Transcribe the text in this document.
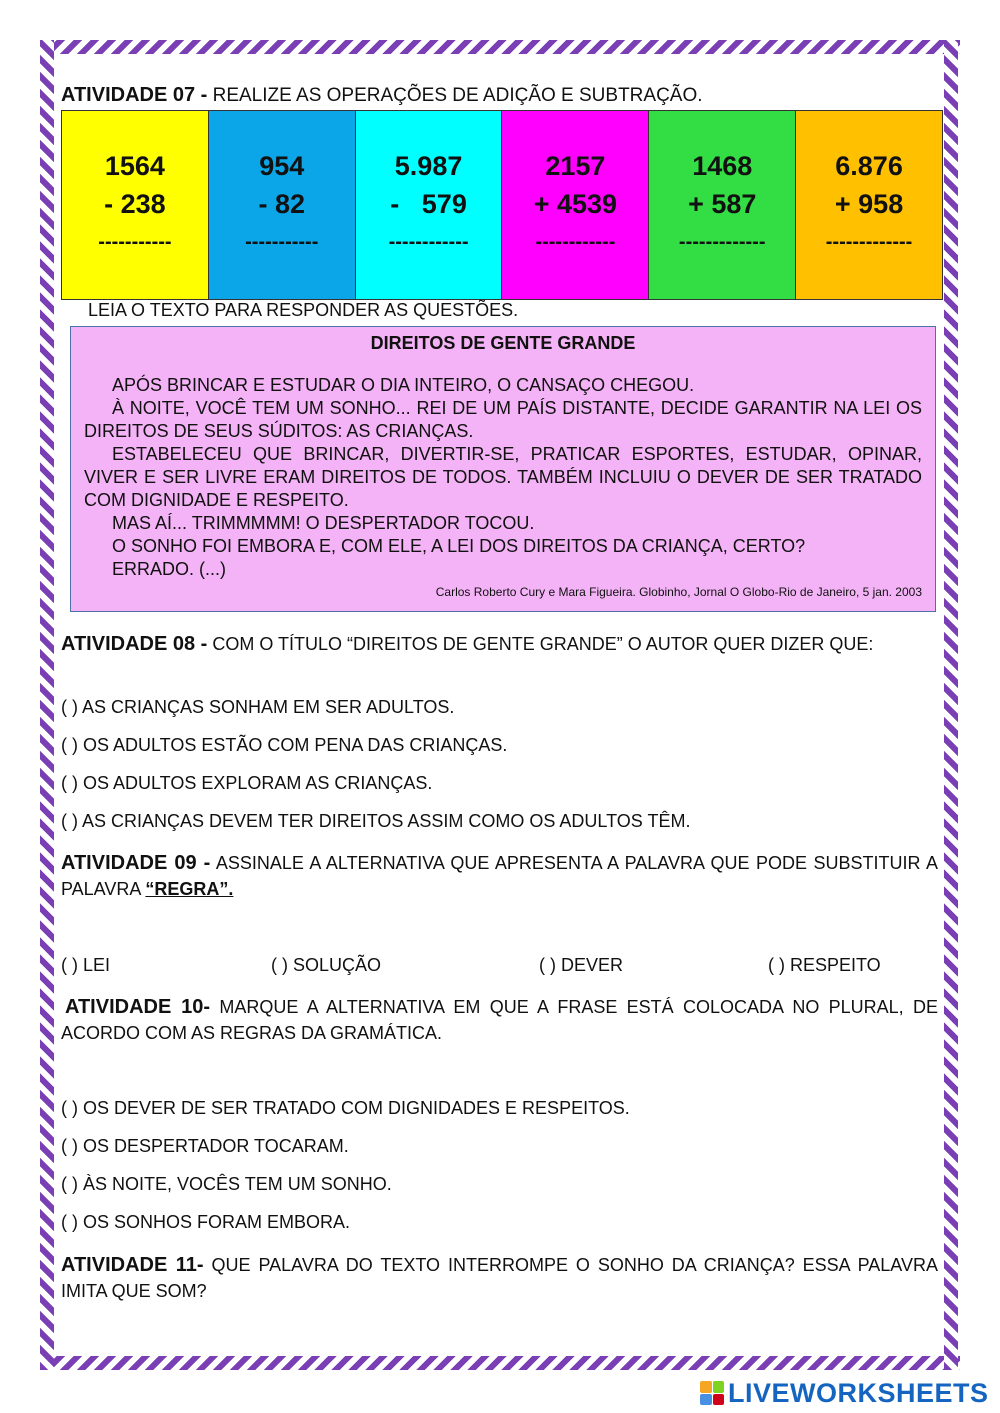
ATIVIDADE 07 - REALIZE AS OPERAÇÕES DE ADIÇÃO E SUBTRAÇÃO.
1564
- 238
-----------
954
- 82
-----------
5.987
-   579
------------
2157
+ 4539
------------
1468
+ 587
-------------
6.876
+ 958
-------------
LEIA O TEXTO PARA RESPONDER AS QUESTÕES.
DIREITOS DE GENTE GRANDE

APÓS BRINCAR E ESTUDAR O DIA INTEIRO, O CANSAÇO CHEGOU.

À NOITE, VOCÊ TEM UM SONHO... REI DE UM PAÍS DISTANTE, DECIDE GARANTIR NA LEI OS DIREITOS DE SEUS SÚDITOS: AS CRIANÇAS.

ESTABELECEU QUE BRINCAR, DIVERTIR-SE, PRATICAR ESPORTES, ESTUDAR, OPINAR, VIVER E SER LIVRE ERAM DIREITOS DE TODOS. TAMBÉM INCLUIU O DEVER DE SER TRATADO COM DIGNIDADE E RESPEITO.

MAS AÍ... TRIMMMMM! O DESPERTADOR TOCOU.

O SONHO FOI EMBORA E, COM ELE, A LEI DOS DIREITOS DA CRIANÇA, CERTO?

ERRADO. (...)

Carlos Roberto Cury e Mara Figueira. Globinho, Jornal O Globo-Rio de Janeiro, 5 jan. 2003
ATIVIDADE 08 - COM O TÍTULO “DIREITOS DE GENTE GRANDE” O AUTOR QUER DIZER QUE:
( ) AS CRIANÇAS SONHAM EM SER ADULTOS.
( ) OS ADULTOS ESTÃO COM PENA DAS CRIANÇAS.
( ) OS ADULTOS EXPLORAM AS CRIANÇAS.
( ) AS CRIANÇAS DEVEM TER DIREITOS ASSIM COMO OS ADULTOS TÊM.
ATIVIDADE 09 - ASSINALE A ALTERNATIVA QUE APRESENTA A PALAVRA QUE PODE SUBSTITUIR A PALAVRA “REGRA”.
( ) LEI	( ) SOLUÇÃO	( ) DEVER	( ) RESPEITO
ATIVIDADE 10- MARQUE A ALTERNATIVA EM QUE A FRASE ESTÁ COLOCADA NO PLURAL, DE ACORDO COM AS REGRAS DA GRAMÁTICA.
( ) OS DEVER DE SER TRATADO COM DIGNIDADES E RESPEITOS.
( ) OS DESPERTADOR TOCARAM.
( ) ÀS NOITE, VOCÊS TEM UM SONHO.
( ) OS SONHOS FORAM EMBORA.
ATIVIDADE 11- QUE PALAVRA DO TEXTO INTERROMPE O SONHO DA CRIANÇA? ESSA PALAVRA IMITA QUE SOM?
LIVEWORKSHEETS
